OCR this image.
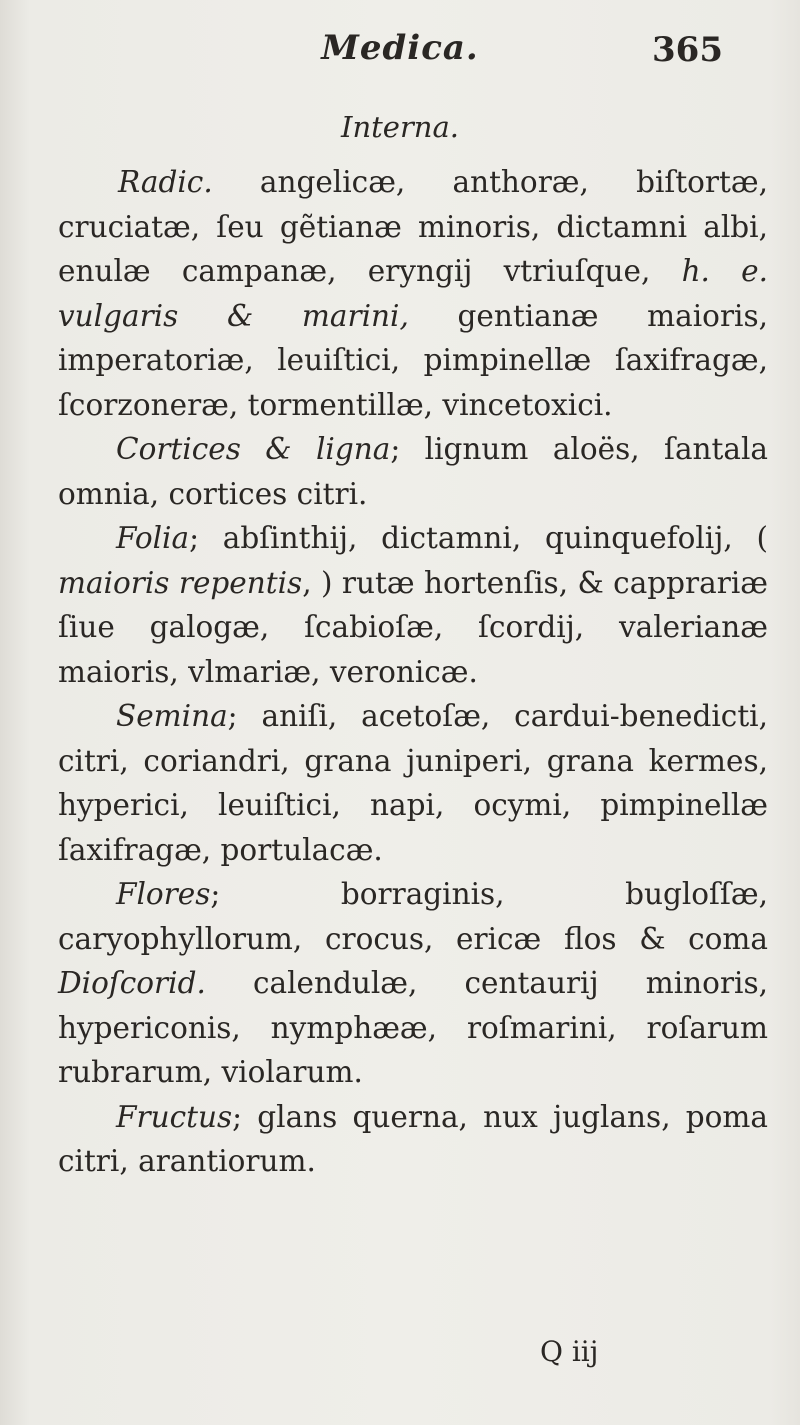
Medica.	365
Interna.

Radic. angelicæ, anthoræ, biſtortæ, cruciatæ, ſeu gẽtianæ minoris, dictamni albi, enulæ campanæ, eryngij vtriuſque, h. e. vulgaris & marini, gentianæ maioris, imperatoriæ, leuiſtici, pimpinellæ ſaxifragæ, ſcorzoneræ, tormentillæ, vincetoxici.

Cortices & ligna; lignum aloës, ſantala omnia, cortices citri.

Folia; abſinthij, dictamni, quinquefolij, ( maioris repentis, ) rutæ hortenſis, & capprariæ ſiue galogæ, ſcabioſæ, ſcordij, valerianæ maioris, vlmariæ, veronicæ.

Semina; aniſi, acetoſæ, cardui-benedicti, citri, coriandri, grana juniperi, grana kermes, hyperici, leuiſtici, napi, ocymi, pimpinellæ ſaxifragæ, portulacæ.

Flores; borraginis, bugloſſæ, caryophyllorum, crocus, ericæ flos & coma Dioſcorid. calendulæ, centaurij minoris, hypericonis, nymphææ, roſmarini, roſarum rubrarum, violarum.

Fructus; glans querna, nux juglans, poma citri, arantiorum.

Q iij
